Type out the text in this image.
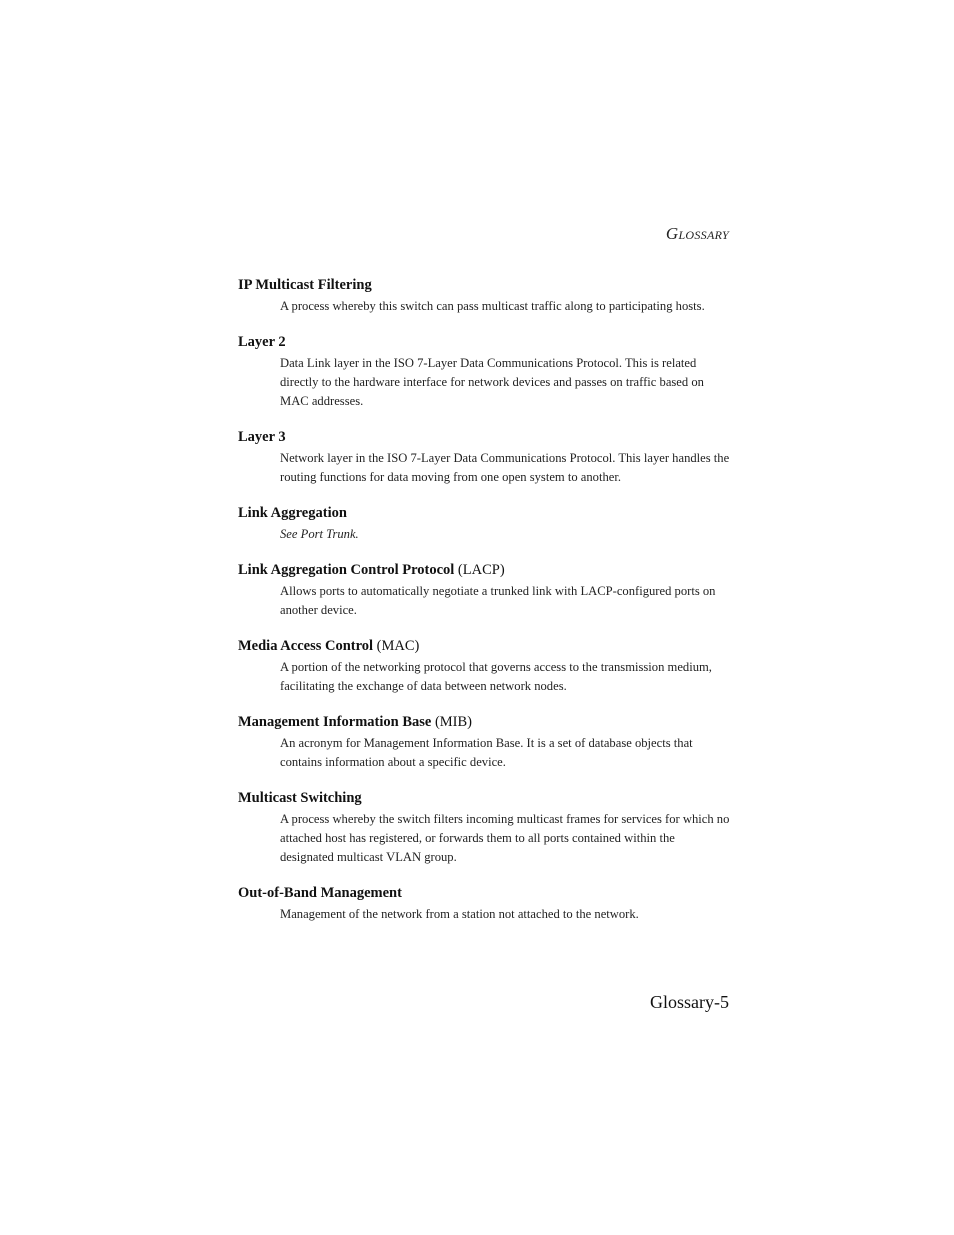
GLOSSARY
IP Multicast Filtering
A process whereby this switch can pass multicast traffic along to participating hosts.
Layer 2
Data Link layer in the ISO 7-Layer Data Communications Protocol. This is related directly to the hardware interface for network devices and passes on traffic based on MAC addresses.
Layer 3
Network layer in the ISO 7-Layer Data Communications Protocol. This layer handles the routing functions for data moving from one open system to another.
Link Aggregation
See Port Trunk.
Link Aggregation Control Protocol (LACP)
Allows ports to automatically negotiate a trunked link with LACP-configured ports on another device.
Media Access Control (MAC)
A portion of the networking protocol that governs access to the transmission medium, facilitating the exchange of data between network nodes.
Management Information Base (MIB)
An acronym for Management Information Base. It is a set of database objects that contains information about a specific device.
Multicast Switching
A process whereby the switch filters incoming multicast frames for services for which no attached host has registered, or forwards them to all ports contained within the designated multicast VLAN group.
Out-of-Band Management
Management of the network from a station not attached to the network.
Glossary-5
